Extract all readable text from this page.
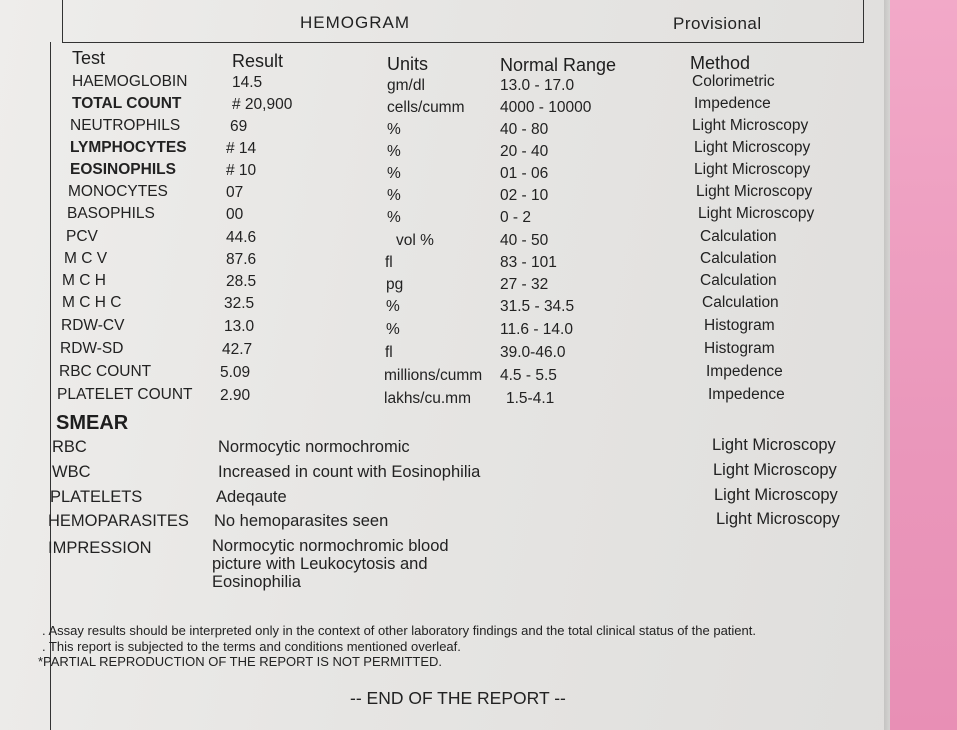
HEMOGRAM	Provisional
Test	Result	Units	Normal Range	Method
HAEMOGLOBIN	14.5	gm/dl	13.0 - 17.0	Colorimetric
TOTAL COUNT	# 20,900	cells/cumm 4000 - 10000	Impedence
NEUTROPHILS	69	%	40 - 80	Light Microscopy
LYMPHOCYTES	# 14	%	20 - 40	Light Microscopy
EOSINOPHILS	# 10	%	01 - 06	Light Microscopy
MONOCYTES	07	%	02 - 10	Light Microscopy
BASOPHILS	00	%	0 - 2	Light Microscopy
PCV	44.6	vol %	40 - 50	Calculation
M C V	87.6	fl	83 - 101	Calculation
M C H	28.5	pg	27 - 32	Calculation
M C H C	32.5	%	31.5 - 34.5	Calculation
RDW-CV	13.0	%	11.6 - 14.0	Histogram
RDW-SD	42.7	fl	39.0-46.0	Histogram
RBC COUNT	5.09	millions/cumm 4.5 - 5.5	Impedence
PLATELET COUNT 2.90	lakhs/cu.mm 1.5-4.1	Impedence
SMEAR
RBC	Normocytic normochromic	Light Microscopy
WBC	Increased in count with Eosinophilia	Light Microscopy
PLATELETS	Adeqaute	Light Microscopy
HEMOPARASITES No hemoparasites seen	Light Microscopy
IMPRESSION	Normocytic normochromic blood
picture with Leukocytosis and
Eosinophilia
. Assay results should be interpreted only in the context of other laboratory findings and the total clinical status of the patient.
. This report is subjected to the terms and conditions mentioned overleaf.
*PARTIAL REPRODUCTION OF THE REPORT IS NOT PERMITTED.
-- END OF THE REPORT --
